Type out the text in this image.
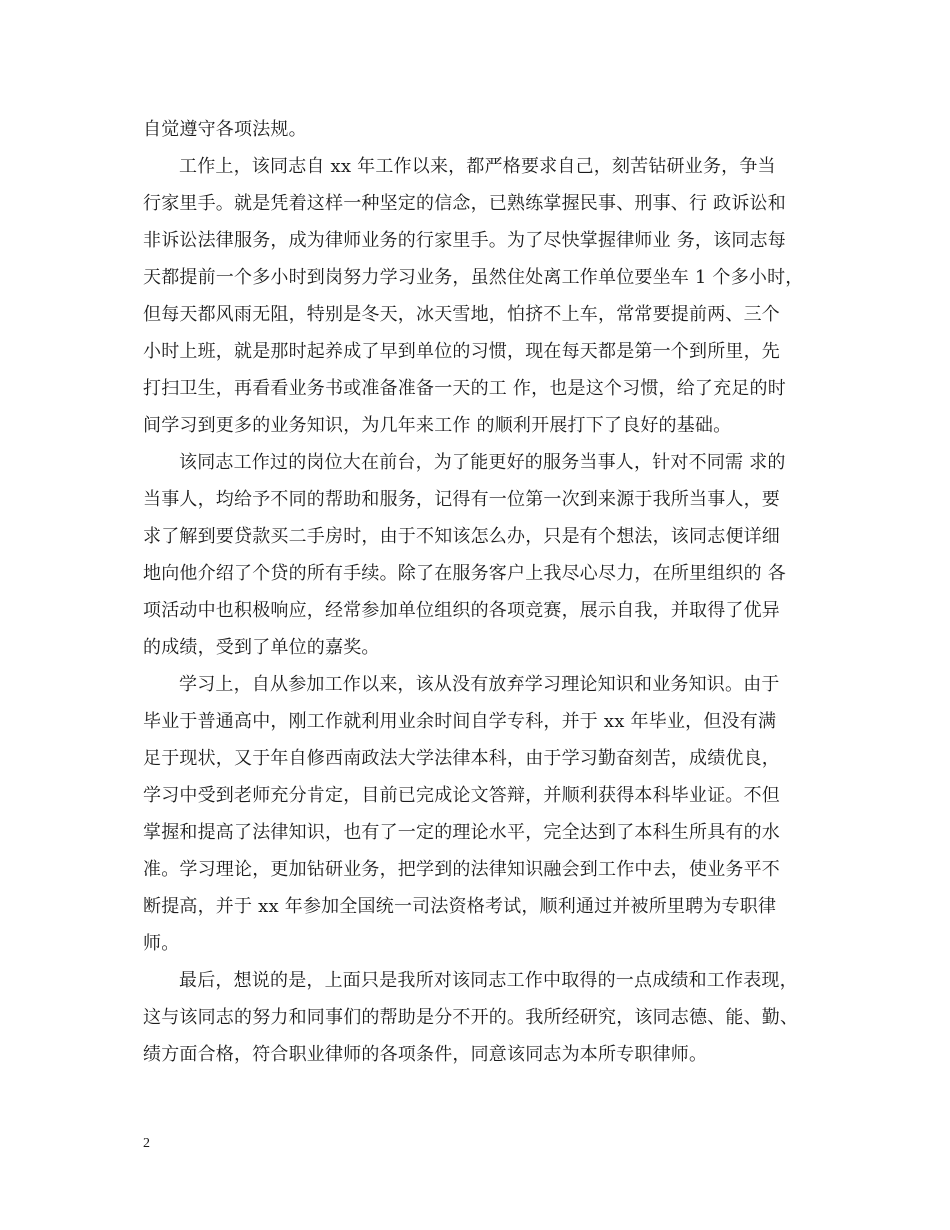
自觉遵守各项法规。
工作上，该同志自 xx 年工作以来，都严格要求自己，刻苦钻研业务，争当
行家里手。就是凭着这样一种坚定的信念，已熟练掌握民事、刑事、行 政诉讼和
非诉讼法律服务，成为律师业务的行家里手。为了尽快掌握律师业 务，该同志每
天都提前一个多小时到岗努力学习业务，虽然住处离工作单位要坐车 1 个多小时，
但每天都风雨无阻，特别是冬天，冰天雪地，怕挤不上车，常常要提前两、三个
小时上班，就是那时起养成了早到单位的习惯，现在每天都是第一个到所里，先
打扫卫生，再看看业务书或准备准备一天的工 作，也是这个习惯，给了充足的时
间学习到更多的业务知识，为几年来工作 的顺利开展打下了良好的基础。
该同志工作过的岗位大在前台，为了能更好的服务当事人，针对不同需 求的
当事人，均给予不同的帮助和服务，记得有一位第一次到来源于我所当事人，要
求了解到要贷款买二手房时，由于不知该怎么办，只是有个想法，该同志便详细
地向他介绍了个贷的所有手续。除了在服务客户上我尽心尽力，在所里组织的 各
项活动中也积极响应，经常参加单位组织的各项竞赛，展示自我，并取得了优异
的成绩，受到了单位的嘉奖。
学习上，自从参加工作以来，该从没有放弃学习理论知识和业务知识。由于
毕业于普通高中，刚工作就利用业余时间自学专科，并于 xx 年毕业，但没有满
足于现状，又于年自修西南政法大学法律本科，由于学习勤奋刻苦，成绩优良，
学习中受到老师充分肯定，目前已完成论文答辩，并顺利获得本科毕业证。不但
掌握和提高了法律知识，也有了一定的理论水平，完全达到了本科生所具有的水
准。学习理论，更加钻研业务，把学到的法律知识融会到工作中去，使业务平不
断提高，并于 xx 年参加全国统一司法资格考试，顺利通过并被所里聘为专职律
师。
最后，想说的是，上面只是我所对该同志工作中取得的一点成绩和工作表现，
这与该同志的努力和同事们的帮助是分不开的。我所经研究，该同志德、能、勤、
绩方面合格，符合职业律师的各项条件，同意该同志为本所专职律师。
2
